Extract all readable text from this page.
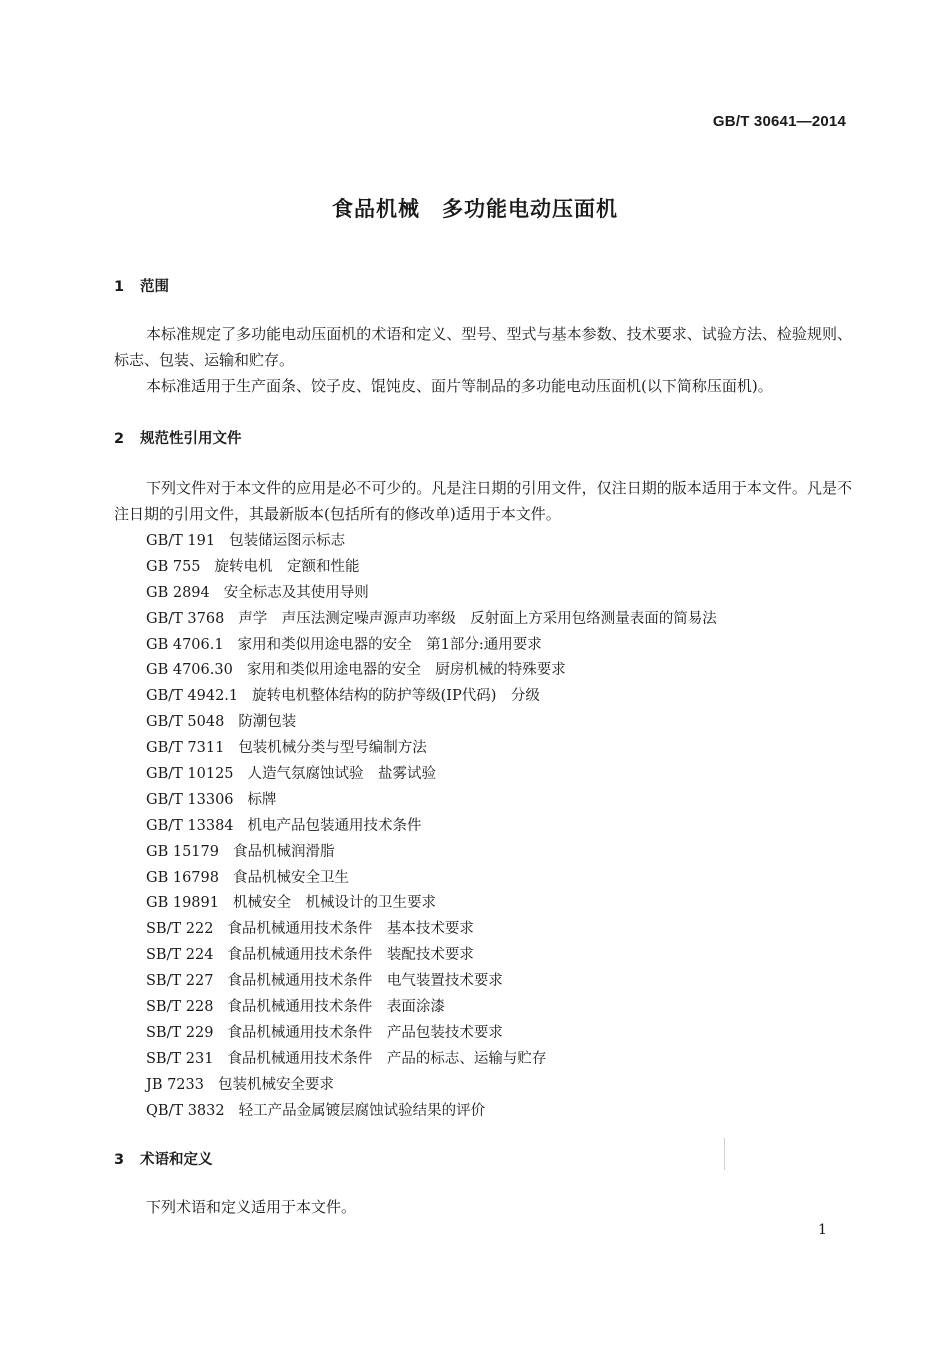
GB/T 30641—2014
食品机械　多功能电动压面机
1 范围
本标准规定了多功能电动压面机的术语和定义、型号、型式与基本参数、技术要求、试验方法、检验规则、标志、包装、运输和贮存。
本标准适用于生产面条、饺子皮、馄饨皮、面片等制品的多功能电动压面机(以下简称压面机)。
2 规范性引用文件
下列文件对于本文件的应用是必不可少的。凡是注日期的引用文件，仅注日期的版本适用于本文件。凡是不注日期的引用文件，其最新版本(包括所有的修改单)适用于本文件。
GB/T 191 包装储运图示标志
GB 755 旋转电机　定额和性能
GB 2894 安全标志及其使用导则
GB/T 3768 声学　声压法测定噪声源声功率级　反射面上方采用包络测量表面的简易法
GB 4706.1 家用和类似用途电器的安全　第1部分:通用要求
GB 4706.30 家用和类似用途电器的安全　厨房机械的特殊要求
GB/T 4942.1 旋转电机整体结构的防护等级(IP代码)　分级
GB/T 5048 防潮包装
GB/T 7311 包装机械分类与型号编制方法
GB/T 10125 人造气氛腐蚀试验　盐雾试验
GB/T 13306 标牌
GB/T 13384 机电产品包装通用技术条件
GB 15179 食品机械润滑脂
GB 16798 食品机械安全卫生
GB 19891 机械安全　机械设计的卫生要求
SB/T 222 食品机械通用技术条件　基本技术要求
SB/T 224 食品机械通用技术条件　装配技术要求
SB/T 227 食品机械通用技术条件　电气装置技术要求
SB/T 228 食品机械通用技术条件　表面涂漆
SB/T 229 食品机械通用技术条件　产品包装技术要求
SB/T 231 食品机械通用技术条件　产品的标志、运输与贮存
JB 7233 包装机械安全要求
QB/T 3832 轻工产品金属镀层腐蚀试验结果的评价
3 术语和定义
下列术语和定义适用于本文件。
1
